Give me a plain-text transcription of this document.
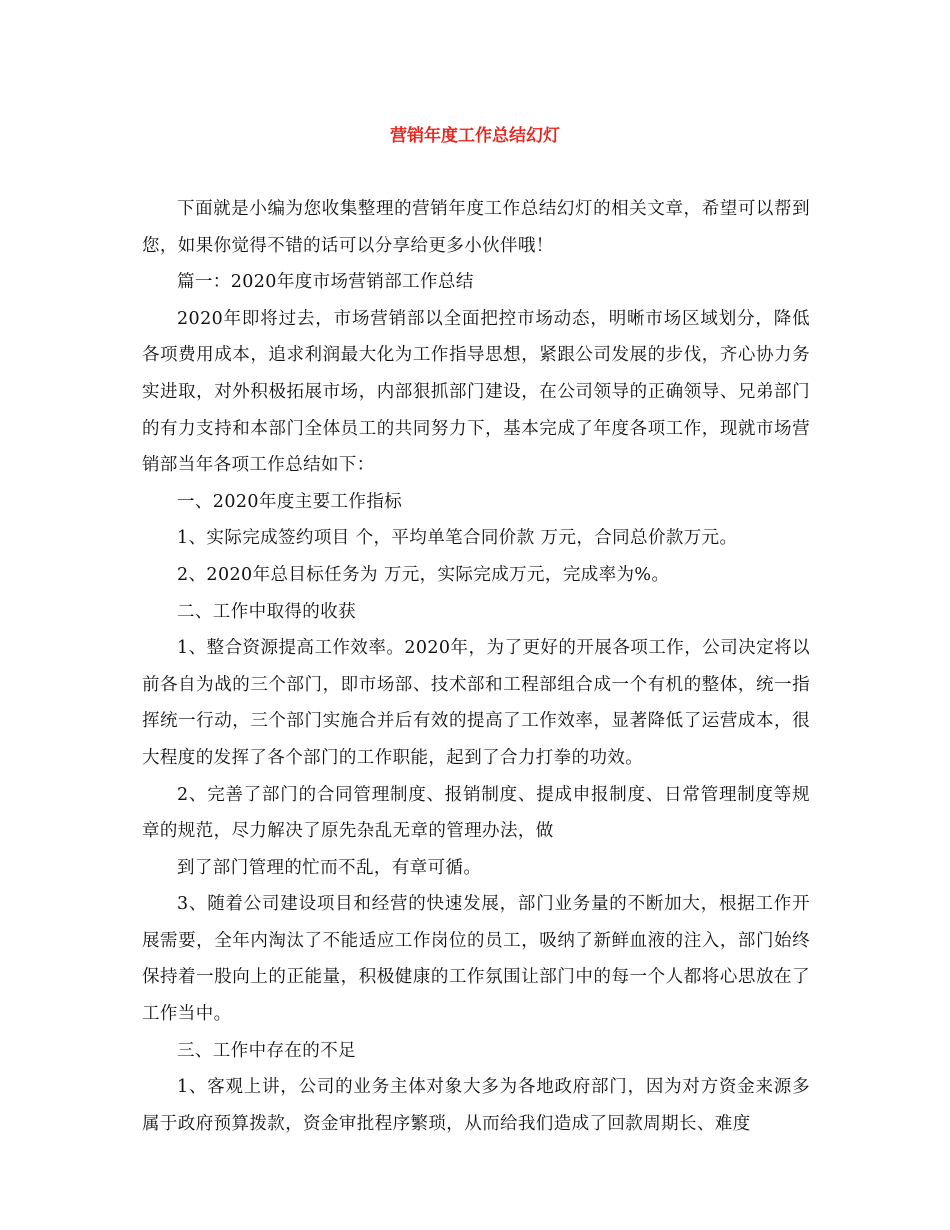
营销年度工作总结幻灯

下面就是小编为您收集整理的营销年度工作总结幻灯的相关文章，希望可以帮到您，如果你觉得不错的话可以分享给更多小伙伴哦！

篇一：2020年度市场营销部工作总结

2020年即将过去，市场营销部以全面把控市场动态，明晰市场区域划分，降低各项费用成本，追求利润最大化为工作指导思想，紧跟公司发展的步伐，齐心协力务实进取，对外积极拓展市场，内部狠抓部门建设，在公司领导的正确领导、兄弟部门的有力支持和本部门全体员工的共同努力下，基本完成了年度各项工作，现就市场营销部当年各项工作总结如下：

一、2020年度主要工作指标

1、实际完成签约项目 个，平均单笔合同价款 万元，合同总价款万元。

2、2020年总目标任务为 万元，实际完成万元，完成率为%。

二、工作中取得的收获

1、整合资源提高工作效率。2020年，为了更好的开展各项工作，公司决定将以前各自为战的三个部门，即市场部、技术部和工程部组合成一个有机的整体，统一指挥统一行动，三个部门实施合并后有效的提高了工作效率，显著降低了运营成本，很大程度的发挥了各个部门的工作职能，起到了合力打拳的功效。

2、完善了部门的合同管理制度、报销制度、提成申报制度、日常管理制度等规章的规范，尽力解决了原先杂乱无章的管理办法，做

到了部门管理的忙而不乱，有章可循。

3、随着公司建设项目和经营的快速发展，部门业务量的不断加大，根据工作开展需要，全年内淘汰了不能适应工作岗位的员工，吸纳了新鲜血液的注入，部门始终保持着一股向上的正能量，积极健康的工作氛围让部门中的每一个人都将心思放在了工作当中。

三、工作中存在的不足

1、客观上讲，公司的业务主体对象大多为各地政府部门，因为对方资金来源多属于政府预算拨款，资金审批程序繁琐，从而给我们造成了回款周期长、难度
